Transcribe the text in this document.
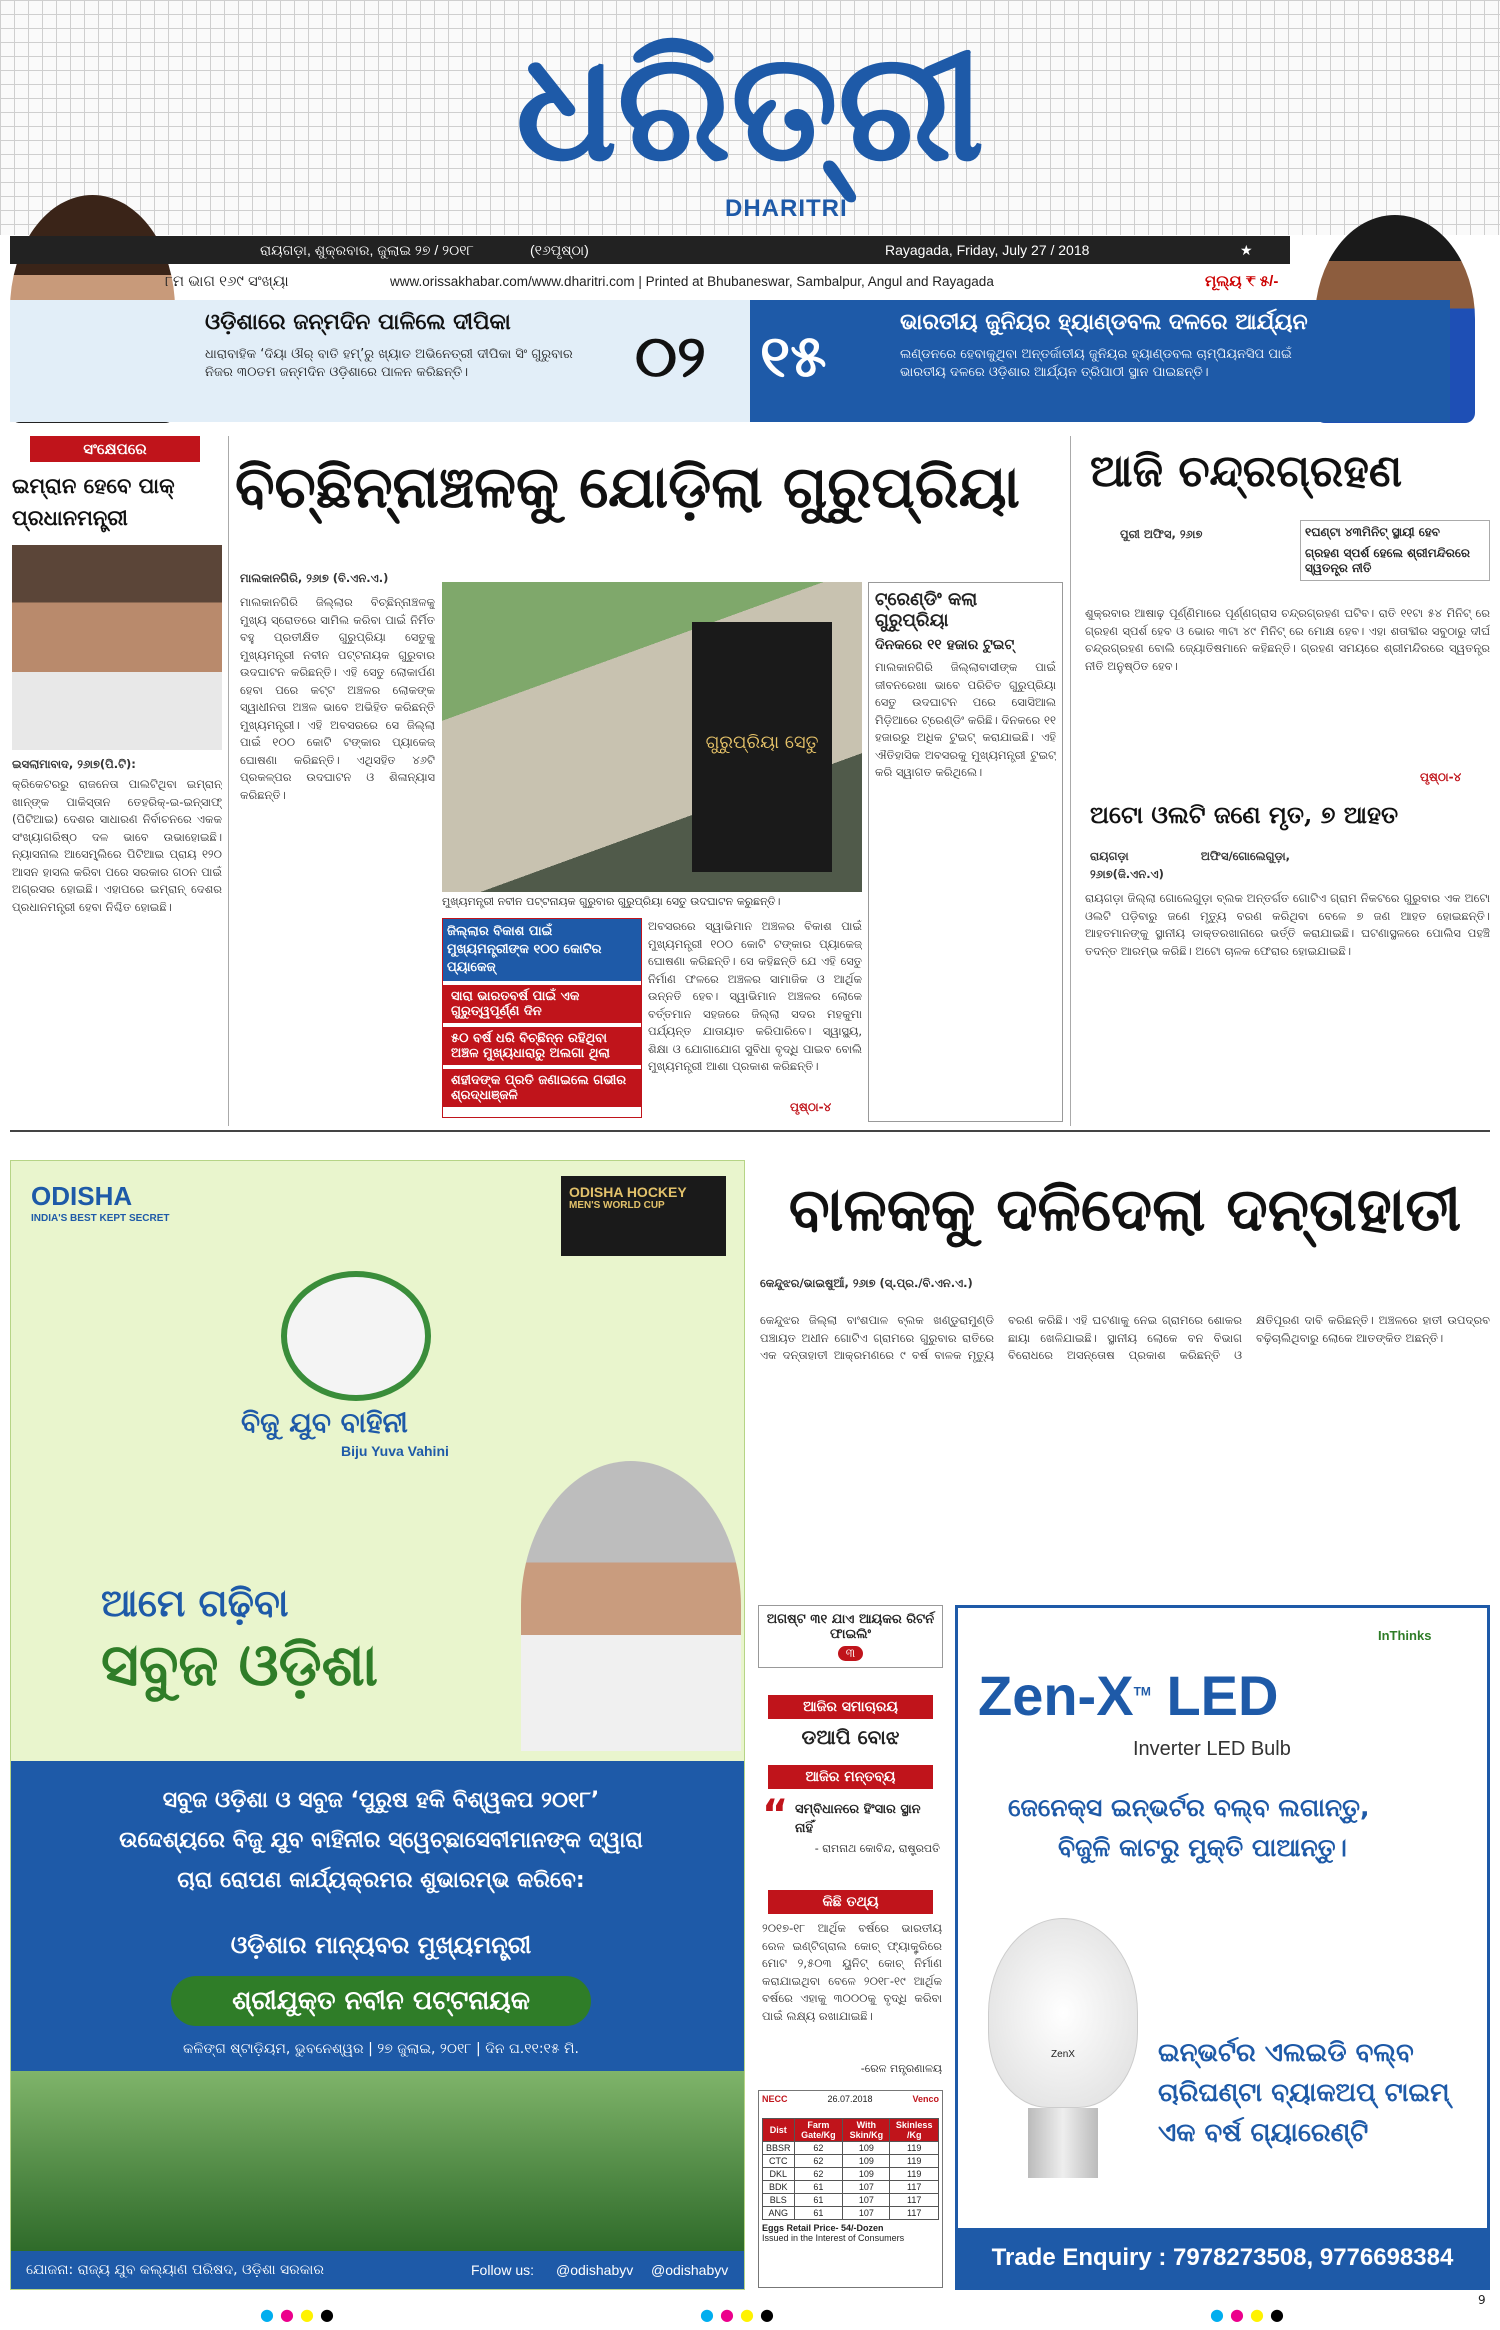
ଧରିତ୍ରୀ
DHARITRI
ରାୟଗଡ଼ା, ଶୁକ୍ରବାର, ଜୁଲାଇ ୨୭ / ୨୦୧୮	(୧୬ପୃଷ୍ଠା)	Rayagada, Friday, July 27 / 2018	★
୮ମ ଭାଗ ୧୬୯ ସଂଖ୍ୟା	www.orissakhabar.com/www.dharitri.com | Printed at Bhubaneswar, Sambalpur, Angul and Rayagada	ମୂଲ୍ୟ ₹ ୫/-
ଓଡ଼ିଶାରେ ଜନ୍ମଦିନ ପାଳିଲେ ଦୀପିକା
ଧାରାବାହିକ ‘ଦିୟା ଔର୍ ବାତି ହମ୍’ରୁ ଖ୍ୟାତ ଅଭିନେତ୍ରୀ ଦୀପିକା ସିଂ ଗୁରୁବାର ନିଜର ୩୦ତମ ଜନ୍ମଦିନ ଓଡ଼ିଶାରେ ପାଳନ କରିଛନ୍ତି।	୦୨ ୧୫	ଭାରତୀୟ ଜୁନିୟର ହ୍ୟାଣ୍ଡବଲ ଦଳରେ ଆର୍ଯ୍ୟନ
ଲଣ୍ଡନରେ ହେବାକୁଥିବା ଅନ୍ତର୍ଜାତୀୟ ଜୁନିୟର ହ୍ୟାଣ୍ଡବଲ ଚାମ୍ପିୟନସିପ ପାଇଁ ଭାରତୀୟ ଦଳରେ ଓଡ଼ିଶାର ଆର୍ଯ୍ୟନ ତ୍ରିପାଠୀ ସ୍ଥାନ ପାଇଛନ୍ତି।
ସଂକ୍ଷେପରେ
ଇମ୍ରାନ ହେବେ ପାକ୍ ପ୍ରଧାନମନ୍ତ୍ରୀ
ଇସଲାମାବାଦ, ୨୬ା୭(ପି.ଟି):
କ୍ରିକେଟରରୁ ରାଜନେତା ପାଲଟିଥିବା ଇମ୍ରାନ୍ ଖାନ୍ଙ୍କ ପାକିସ୍ତାନ ତେହରିକ୍-ଇ-ଇନ୍ସାଫ୍ (ପିଟିଆଇ) ଦେଶର ସାଧାରଣ ନିର୍ବାଚନରେ ଏକକ ସଂଖ୍ୟାଗରିଷ୍ଠ ଦଳ ଭାବେ ଉଭାହୋଇଛି। ନ୍ୟାସନାଲ ଆସେମ୍ବ୍ଲିରେ ପିଟିଆଇ ପ୍ରାୟ ୧୨୦ ଆସନ ହାସଲ କରିବା ପରେ ସରକାର ଗଠନ ପାଇଁ ଅଗ୍ରସର ହୋଇଛି। ଏହାପରେ ଇମ୍ରାନ୍ ଦେଶର ପ୍ରଧାନମନ୍ତ୍ରୀ ହେବା ନିଶ୍ଚିତ ହୋଇଛି।
ବିଚ୍ଛିନ୍ନାଞ୍ଚଳକୁ ଯୋଡ଼ିଲା ଗୁରୁପ୍ରିୟା
ମାଲକାନଗିରି, ୨୬ା୭ (ବି.ଏନ.ଏ.)
ମାଲକାନଗିରି ଜିଲ୍ଲାର ବିଚ୍ଛିନ୍ନାଞ୍ଚଳକୁ ମୁଖ୍ୟ ସ୍ରୋତରେ ସାମିଲ କରିବା ପାଇଁ ନିର୍ମିତ ବହୁ ପ୍ରତୀକ୍ଷିତ ଗୁରୁପ୍ରିୟା ସେତୁକୁ ମୁଖ୍ୟମନ୍ତ୍ରୀ ନବୀନ ପଟ୍ଟନାୟକ ଗୁରୁବାର ଉଦଘାଟନ କରିଛନ୍ତି। ଏହି ସେତୁ ଲୋକାର୍ପଣ ହେବା ପରେ କଟ୍ଟ ଅଞ୍ଚଳର ଲୋକଙ୍କ ସ୍ୱାଧୀନତା ଅଞ୍ଚଳ ଭାବେ ଅଭିହିତ କରିଛନ୍ତି ମୁଖ୍ୟମନ୍ତ୍ରୀ। ଏହି ଅବସରରେ ସେ ଜିଲ୍ଲା ପାଇଁ ୧୦୦ କୋଟି ଟଙ୍କାର ପ୍ୟାକେଜ୍ ଘୋଷଣା କରିଛନ୍ତି। ଏଥିସହିତ ୪୬ଟି ପ୍ରକଳ୍ପର ଉଦଘାଟନ ଓ ଶିଳାନ୍ୟାସ କରିଛନ୍ତି।
ଗୁରୁପ୍ରିୟା ସେତୁ
ମୁଖ୍ୟମନ୍ତ୍ରୀ ନବୀନ ପଟ୍ଟନାୟକ ଗୁରୁବାର ଗୁରୁପ୍ରିୟା ସେତୁ ଉଦଘାଟନ କରୁଛନ୍ତି।
ଜିଲ୍ଲାର ବିକାଶ ପାଇଁ ମୁଖ୍ୟମନ୍ତ୍ରୀଙ୍କ ୧୦୦ କୋଟିର ପ୍ୟାକେଜ୍
ସାରା ଭାରତବର୍ଷ ପାଇଁ ଏକ ଗୁରୁତ୍ୱପୂର୍ଣ୍ଣ ଦିନ
୫୦ ବର୍ଷ ଧରି ବିଚ୍ଛିନ୍ନ ରହିଥିବା ଅଞ୍ଚଳ ମୁଖ୍ୟଧାରାରୁ ଅଲଗା ଥିଲା
ଶହୀଦଙ୍କ ପ୍ରତି ଜଣାଇଲେ ଗଭୀର ଶ୍ରଦ୍ଧାଞ୍ଜଳି
ଅବସରରେ ସ୍ୱାଭିମାନ ଅଞ୍ଚଳର ବିକାଶ ପାଇଁ ମୁଖ୍ୟମନ୍ତ୍ରୀ ୧୦୦ କୋଟି ଟଙ୍କାର ପ୍ୟାକେଜ୍ ଘୋଷଣା କରିଛନ୍ତି। ସେ କହିଛନ୍ତି ଯେ ଏହି ସେତୁ ନିର୍ମାଣ ଫଳରେ ଅଞ୍ଚଳର ସାମାଜିକ ଓ ଆର୍ଥିକ ଉନ୍ନତି ହେବ। ସ୍ୱାଭିମାନ ଅଞ୍ଚଳର ଲୋକେ ବର୍ତ୍ତମାନ ସହଜରେ ଜିଲ୍ଲା ସଦର ମହକୁମା ପର୍ଯ୍ୟନ୍ତ ଯାତାୟାତ କରିପାରିବେ। ସ୍ୱାସ୍ଥ୍ୟ, ଶିକ୍ଷା ଓ ଯୋଗାଯୋଗ ସୁବିଧା ବୃଦ୍ଧି ପାଇବ ବୋଲି ମୁଖ୍ୟମନ୍ତ୍ରୀ ଆଶା ପ୍ରକାଶ କରିଛନ୍ତି।
ଟ୍ରେଣ୍ଡିଂ କଲା ଗୁରୁପ୍ରିୟା
ଦିନକରେ ୧୧ ହଜାର ଟୁଇଟ୍
ମାଲକାନଗିରି ଜିଲ୍ଲାବାସୀଙ୍କ ପାଇଁ ଜୀବନରେଖା ଭାବେ ପରିଚିତ ଗୁରୁପ୍ରିୟା ସେତୁ ଉଦଘାଟନ ପରେ ସୋସିଆଲ ମିଡ଼ିଆରେ ଟ୍ରେଣ୍ଡିଂ କରିଛି। ଦିନକରେ ୧୧ ହଜାରରୁ ଅଧିକ ଟୁଇଟ୍ କରାଯାଇଛି। ଏହି ଐତିହାସିକ ଅବସରକୁ ମୁଖ୍ୟମନ୍ତ୍ରୀ ଟୁଇଟ୍ କରି ସ୍ୱାଗତ କରିଥିଲେ।
ପୃଷ୍ଠା-୪
ଆଜି ଚନ୍ଦ୍ରଗ୍ରହଣ
ପୁରୀ ଅଫିସ, ୨୬ା୭	୧ଘଣ୍ଟା ୪୩ମିନିଟ୍ ସ୍ଥାୟୀ ହେବ
ଗ୍ରହଣ ସ୍ପର୍ଶ ହେଲେ ଶ୍ରୀମନ୍ଦିରରେ ସ୍ୱତନ୍ତ୍ର ନୀତି
ଶୁକ୍ରବାର ଆଷାଢ଼ ପୂର୍ଣ୍ଣିମାରେ ପୂର୍ଣ୍ଣଗ୍ରାସ ଚନ୍ଦ୍ରଗ୍ରହଣ ଘଟିବ। ରାତି ୧୧ଟା ୫୪ ମିନିଟ୍ ରେ ଗ୍ରହଣ ସ୍ପର୍ଶ ହେବ ଓ ଭୋର ୩ଟା ୪୯ ମିନିଟ୍ ରେ ମୋକ୍ଷ ହେବ। ଏହା ଶତାବ୍ଦୀର ସବୁଠାରୁ ଦୀର୍ଘ ଚନ୍ଦ୍ରଗ୍ରହଣ ବୋଲି ଜ୍ୟୋତିଷମାନେ କହିଛନ୍ତି। ଗ୍ରହଣ ସମୟରେ ଶ୍ରୀମନ୍ଦିରରେ ସ୍ୱତନ୍ତ୍ର ନୀତି ଅନୁଷ୍ଠିତ ହେବ।
ପୃଷ୍ଠା-୪
ଅଟୋ ଓଲଟି ଜଣେ ମୃତ, ୭ ଆହତ
ରାୟଗଡ଼ା ଅଫିସ/ଗୋଲେଗୁଡ଼ା, ୨୬ା୭(ଜି.ଏନ.ଏ)
ରାୟଗଡ଼ା ଜିଲ୍ଲା ଗୋଲେଗୁଡ଼ା ବ୍ଲକ ଅନ୍ତର୍ଗତ ଗୋଟିଏ ଗ୍ରାମ ନିକଟରେ ଗୁରୁବାର ଏକ ଅଟୋ ଓଲଟି ପଡ଼ିବାରୁ ଜଣେ ମୃତ୍ୟୁ ବରଣ କରିଥିବା ବେଳେ ୭ ଜଣ ଆହତ ହୋଇଛନ୍ତି। ଆହତମାନଙ୍କୁ ସ୍ଥାନୀୟ ଡାକ୍ତରଖାନାରେ ଭର୍ତ୍ତି କରାଯାଇଛି। ଘଟଣାସ୍ଥଳରେ ପୋଲିସ ପହଞ୍ଚି ତଦନ୍ତ ଆରମ୍ଭ କରିଛି। ଅଟୋ ଚାଳକ ଫେରାର ହୋଇଯାଇଛି।
ODISHA
INDIA'S BEST KEPT SECRET
ODISHA HOCKEY
MEN'S WORLD CUP
ବିଜୁ ଯୁବ ବାହିନୀ
Biju Yuva Vahini
ଆମେ ଗଢ଼ିବା
ସବୁଜ ଓଡ଼ିଶା
ସବୁଜ ଓଡ଼ିଶା ଓ ସବୁଜ ‘ପୁରୁଷ ହକି ବିଶ୍ୱକପ ୨୦୧୮’
ଉଦ୍ଦେଶ୍ୟରେ ବିଜୁ ଯୁବ ବାହିନୀର ସ୍ୱେଚ୍ଛାସେବୀମାନଙ୍କ ଦ୍ୱାରା
ଚାରା ରୋପଣ କାର୍ଯ୍ୟକ୍ରମର ଶୁଭାରମ୍ଭ କରିବେ:
ଓଡ଼ିଶାର ମାନ୍ୟବର ମୁଖ୍ୟମନ୍ତ୍ରୀ
ଶ୍ରୀଯୁକ୍ତ ନବୀନ ପଟ୍ଟନାୟକ
କଳିଙ୍ଗ ଷ୍ଟାଡ଼ିୟମ, ଭୁବନେଶ୍ୱର | ୨୭ ଜୁଲାଇ, ୨୦୧୮ | ଦିନ ଘ.୧୧:୧୫ ମି.
ଯୋଜନା: ରାଜ୍ୟ ଯୁବ କଲ୍ୟାଣ ପରିଷଦ, ଓଡ଼ିଶା ସରକାର	Follow us: @odishabyv @odishabyv
ବାଳକକୁ ଦଳିଦେଲା ଦନ୍ତାହାତୀ
କେନ୍ଦୁଝର/ଭାଇଷୁଆଁ, ୨୬ା୭ (ସ୍.ପ୍ର./ବି.ଏନ.ଏ.)
କେନ୍ଦୁଝର ଜିଲ୍ଲା ବାଂଶପାଳ ବ୍ଲକ ଖଣ୍ଡୁରାମୁଣ୍ଡି ପଞ୍ଚାୟତ ଅଧୀନ ଗୋଟିଏ ଗ୍ରାମରେ ଗୁରୁବାର ରାତିରେ ଏକ ଦନ୍ତାହାତୀ ଆକ୍ରମଣରେ ୯ ବର୍ଷ ବାଳକ ମୃତ୍ୟୁ ବରଣ କରିଛି। ଏହି ଘଟଣାକୁ ନେଇ ଗ୍ରାମରେ ଶୋକର ଛାୟା ଖେଳିଯାଇଛି। ସ୍ଥାନୀୟ ଲୋକେ ବନ ବିଭାଗ ବିରୋଧରେ ଅସନ୍ତୋଷ ପ୍ରକାଶ କରିଛନ୍ତି ଓ କ୍ଷତିପୂରଣ ଦାବି କରିଛନ୍ତି। ଅଞ୍ଚଳରେ ହାତୀ ଉପଦ୍ରବ ବଢ଼ିଚାଲିଥିବାରୁ ଲୋକେ ଆତଙ୍କିତ ଅଛନ୍ତି।
ଅଗଷ୍ଟ ୩୧ ଯାଏ ଆୟକର ରିଟର୍ନ ଫାଇଲିଂ
୩
ଆଜିର ସମାଚାରୟ
ଡଆପି ବୋଝ
ଆଜିର ମନ୍ତବ୍ୟ
“ ସମ୍ବିଧାନରେ ହିଂସାର ସ୍ଥାନ ନାହିଁ
- ରାମନାଥ କୋବିନ୍ଦ, ରାଷ୍ଟ୍ରପତି
କିଛି ତଥ୍ୟ
୨୦୧୭-୧୮ ଆର୍ଥିକ ବର୍ଷରେ ଭାରତୀୟ ରେଳ ଇଣ୍ଟିଗ୍ରାଲ କୋଚ୍ ଫ୍ୟାକ୍ଟ୍ରିରେ ମୋଟ ୨,୫୦୩ ୟୁନିଟ୍ କୋଚ୍ ନିର୍ମାଣ କରାଯାଇଥିବା ବେଳେ ୨୦୧୮-୧୯ ଆର୍ଥିକ ବର୍ଷରେ ଏହାକୁ ୩୦୦୦କୁ ବୃଦ୍ଧି କରିବା ପାଇଁ ଲକ୍ଷ୍ୟ ରଖାଯାଇଛି।
-ରେଳ ମନ୍ତ୍ରଣାଳୟ
NECC	26.07.2018	Venco
Dist	Farm Gate/Kg	With Skin/Kg	Skinless /Kg
BBSR	62	109	119
CTC	62	109	119
DKL	62	109	119
BDK	61	107	117
BLS	61	107	117
ANG	61	107	117
Eggs Retail Price- 54/-Dozen
Issued in the Interest of Consumers
InThinks
Zen-X™ LED
Inverter LED Bulb
ଜେନେକ୍ସ ଇନ୍ଭର୍ଟର ବଲ୍ବ ଲଗାନ୍ତୁ,
ବିଜୁଳି କାଟରୁ ମୁକ୍ତି ପାଆନ୍ତୁ।
ZenX	ଇନ୍ଭର୍ଟର ଏଲଇଡି ବଲ୍ବ
ଚାରିଘଣ୍ଟା ବ୍ୟାକଅପ୍ ଟାଇମ୍
ଏକ ବର୍ଷ ଗ୍ୟାରେଣ୍ଟି
Trade Enquiry : 7978273508, 9776698384
● ● ● ●	● ● ● ●	● ● ● ●
9
